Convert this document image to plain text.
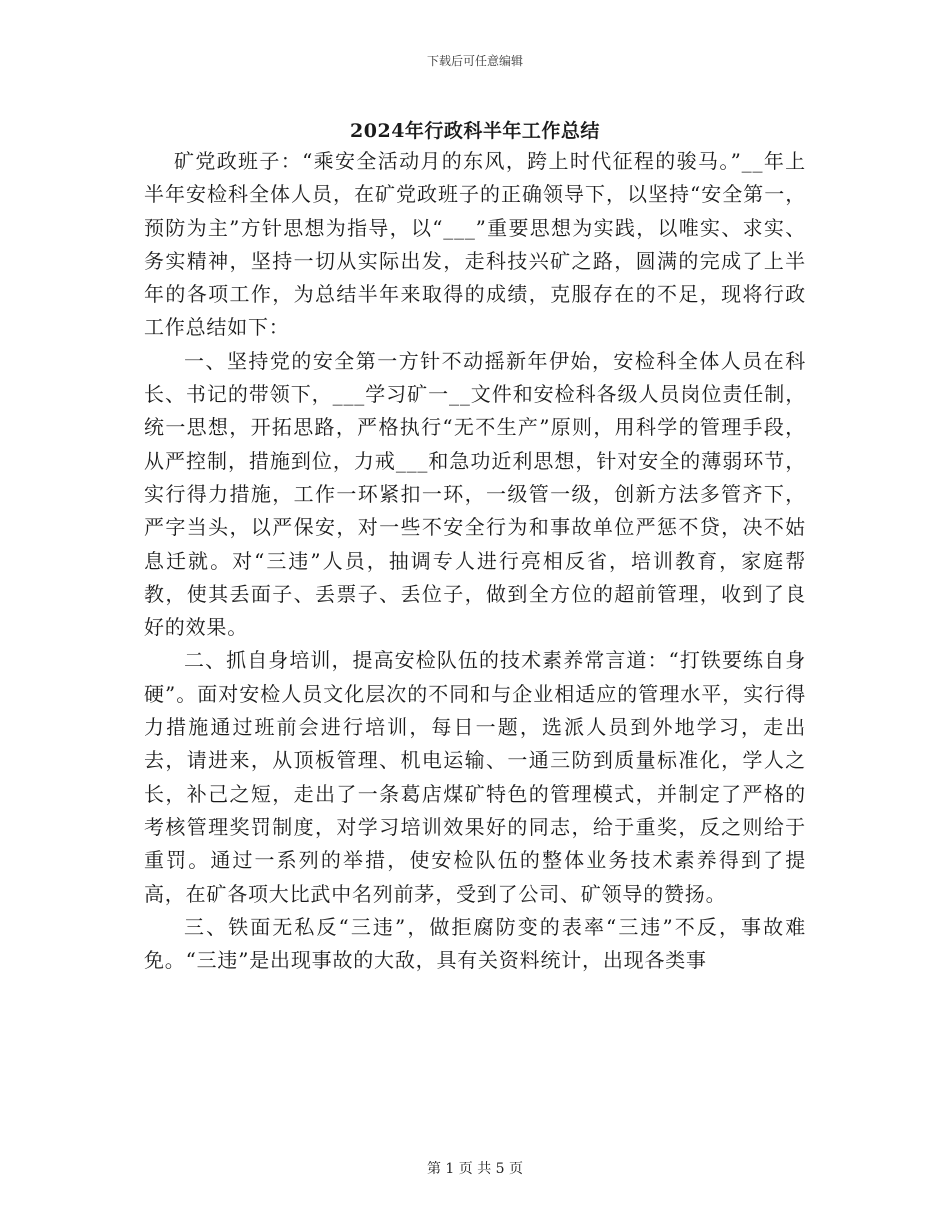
下载后可任意编辑
2024年行政科半年工作总结

矿党政班子：“乘安全活动月的东风，跨上时代征程的骏马。”__年上半年安检科全体人员，在矿党政班子的正确领导下，以坚持“安全第一，预防为主”方针思想为指导，以“___”重要思想为实践，以唯实、求实、务实精神，坚持一切从实际出发，走科技兴矿之路，圆满的完成了上半年的各项工作，为总结半年来取得的成绩，克服存在的不足，现将行政工作总结如下：

一、坚持党的安全第一方针不动摇新年伊始，安检科全体人员在科长、书记的带领下，___学习矿一__文件和安检科各级人员岗位责任制，统一思想，开拓思路，严格执行“无不生产”原则，用科学的管理手段，从严控制，措施到位，力戒___和急功近利思想，针对安全的薄弱环节，实行得力措施，工作一环紧扣一环，一级管一级，创新方法多管齐下，严字当头，以严保安，对一些不安全行为和事故单位严惩不贷，决不姑息迁就。对“三违”人员，抽调专人进行亮相反省，培训教育，家庭帮教，使其丢面子、丢票子、丢位子，做到全方位的超前管理，收到了良好的效果。

二、抓自身培训，提高安检队伍的技术素养常言道：“打铁要练自身硬”。面对安检人员文化层次的不同和与企业相适应的管理水平，实行得力措施通过班前会进行培训，每日一题，选派人员到外地学习，走出去，请进来，从顶板管理、机电运输、一通三防到质量标准化，学人之长，补己之短，走出了一条葛店煤矿特色的管理模式，并制定了严格的考核管理奖罚制度，对学习培训效果好的同志，给于重奖，反之则给于重罚。通过一系列的举措，使安检队伍的整体业务技术素养得到了提高，在矿各项大比武中名列前茅，受到了公司、矿领导的赞扬。

三、铁面无私反“三违”，做拒腐防变的表率“三违”不反，事故难免。“三违”是出现事故的大敌，具有关资料统计，出现各类事

第 1 页 共 5 页
